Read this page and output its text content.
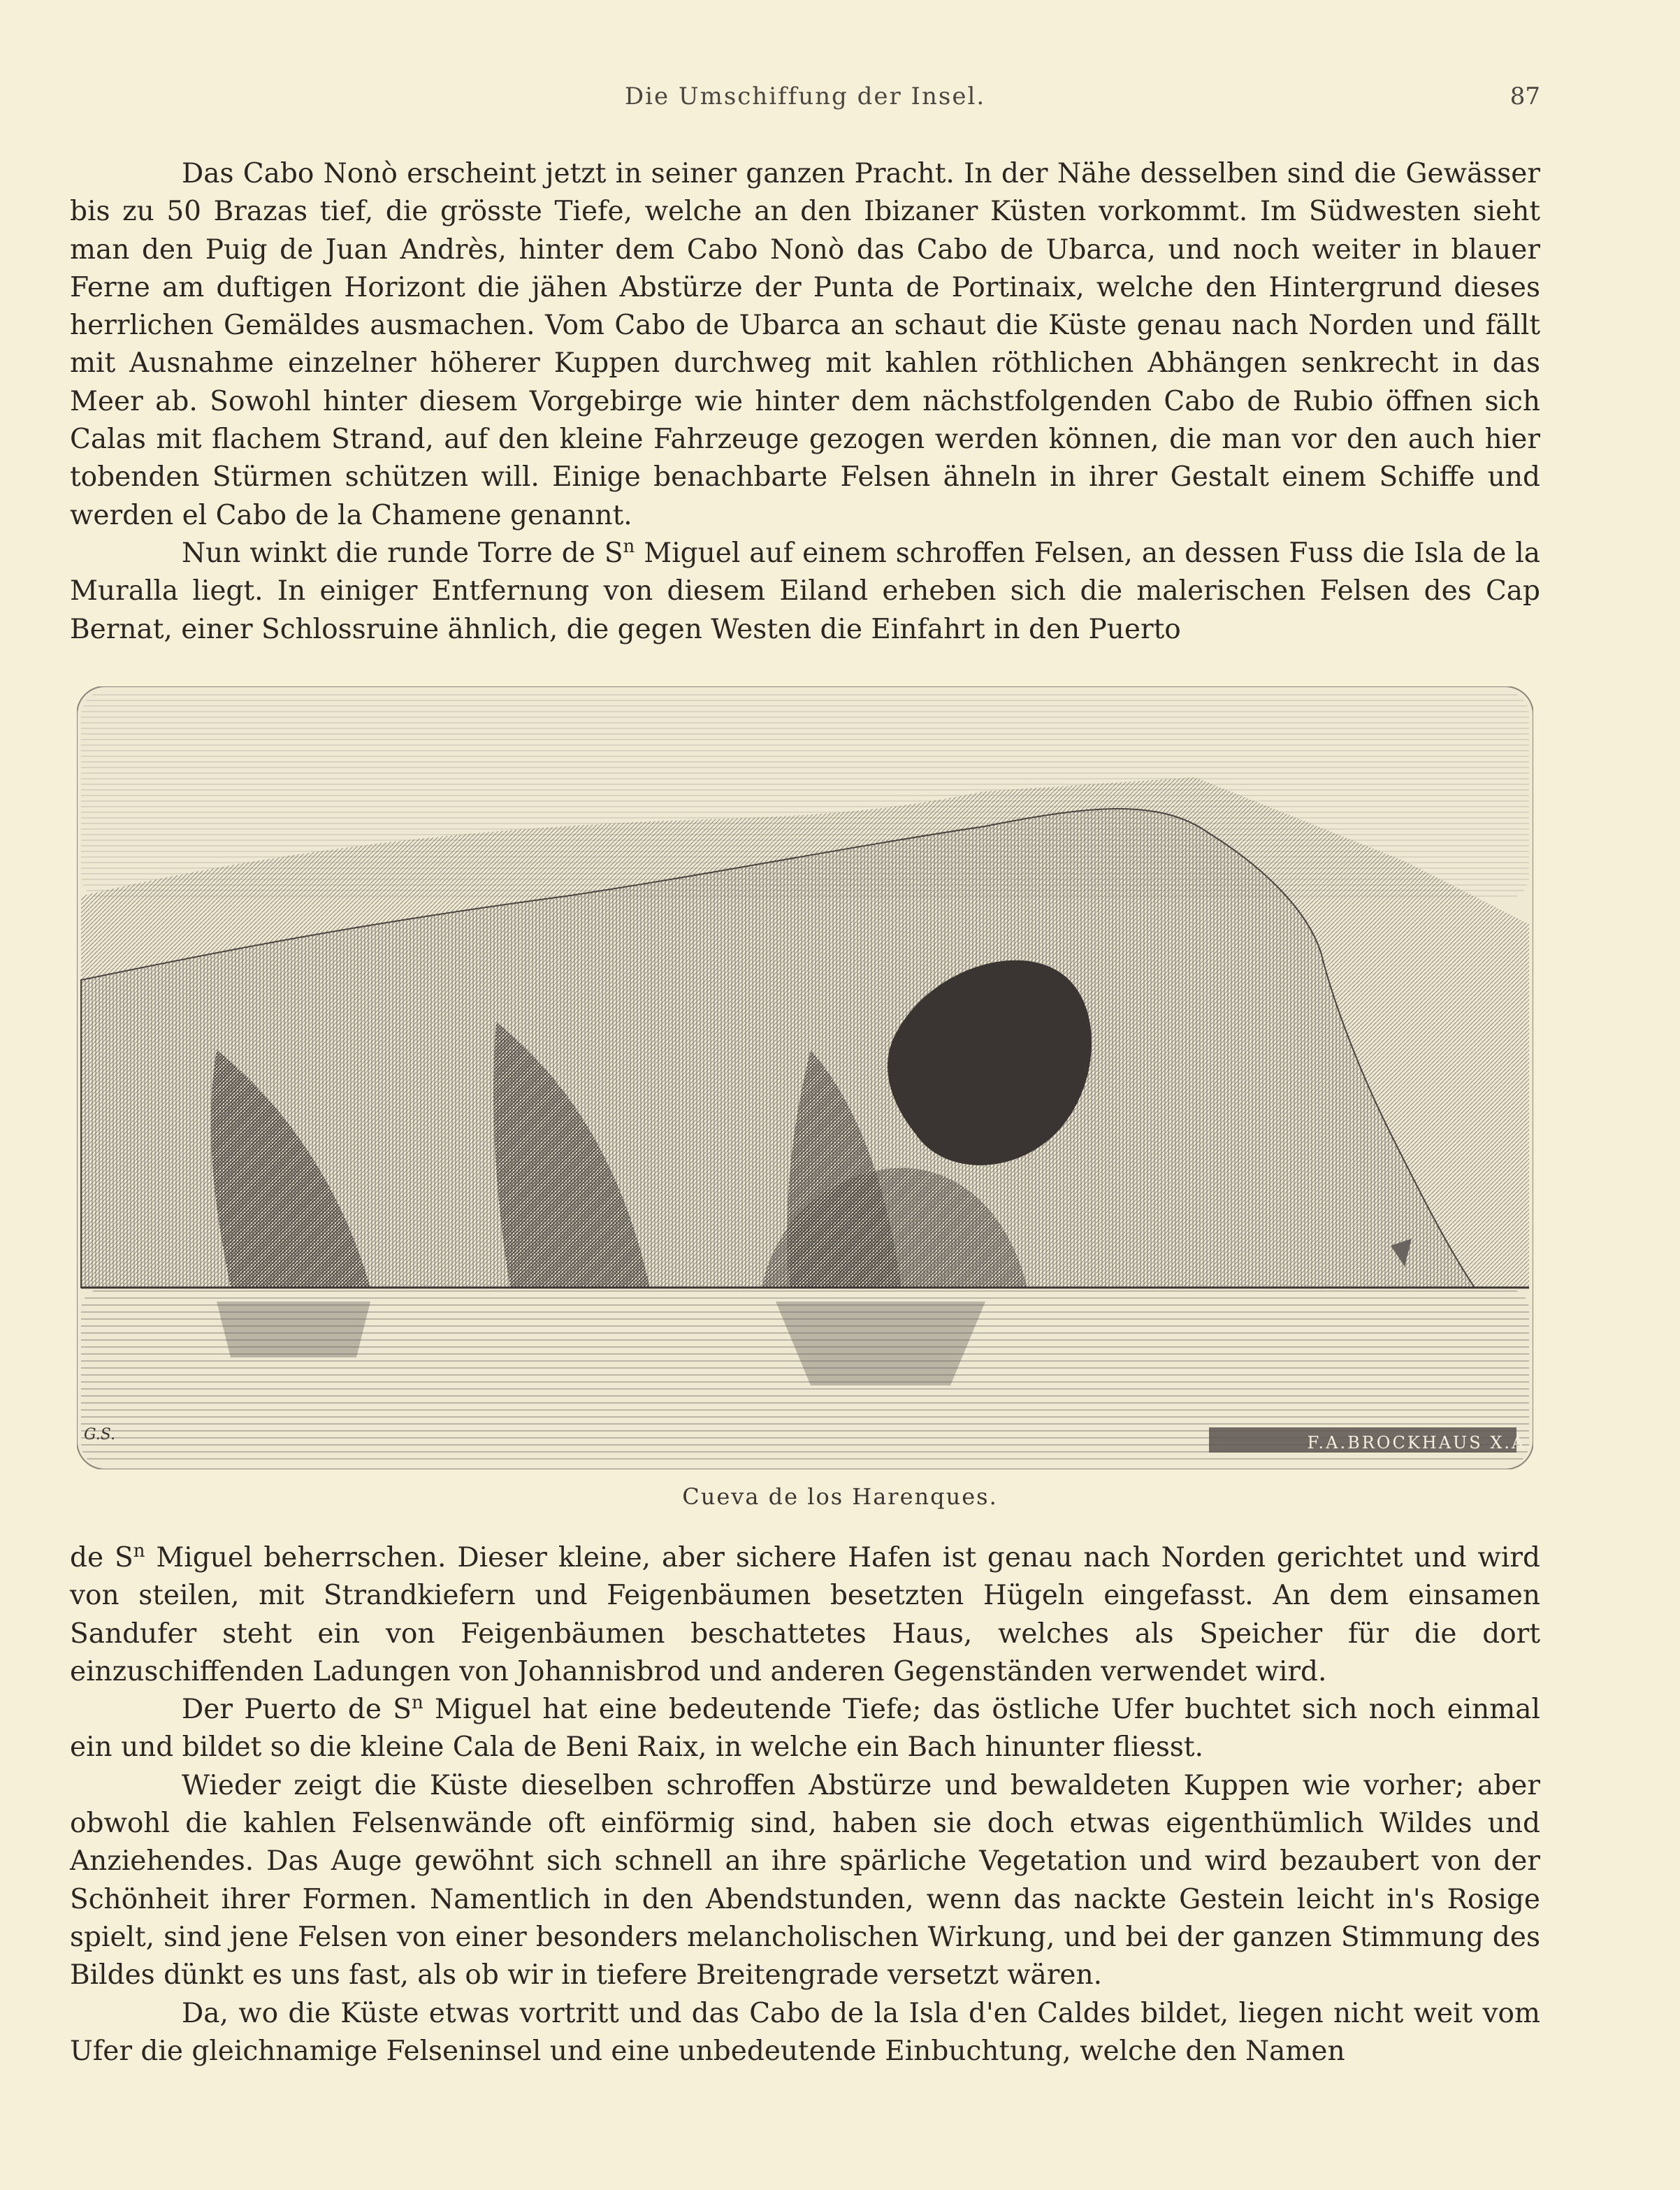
Die Umschiffung der Insel.	87

Das Cabo Nonò erscheint jetzt in seiner ganzen Pracht. In der Nähe desselben sind die Gewässer bis zu 50 Brazas tief, die grösste Tiefe, welche an den Ibizaner Küsten vorkommt. Im Südwesten sieht man den Puig de Juan Andrès, hinter dem Cabo Nonò das Cabo de Ubarca, und noch weiter in blauer Ferne am duftigen Horizont die jähen Abstürze der Punta de Portinaix, welche den Hintergrund dieses herrlichen Gemäldes ausmachen. Vom Cabo de Ubarca an schaut die Küste genau nach Norden und fällt mit Ausnahme einzelner höherer Kuppen durchweg mit kahlen röthlichen Abhängen senkrecht in das Meer ab. Sowohl hinter diesem Vorgebirge wie hinter dem nächstfolgenden Cabo de Rubio öffnen sich Calas mit flachem Strand, auf den kleine Fahrzeuge gezogen werden können, die man vor den auch hier tobenden Stürmen schützen will. Einige benachbarte Felsen ähneln in ihrer Gestalt einem Schiffe und werden el Cabo de la Chamene genannt.

Nun winkt die runde Torre de $S^n$ Miguel auf einem schroffen Felsen, an dessen Fuss die Isla de la Muralla liegt. In einiger Entfernung von diesem Eiland erheben sich die malerischen Felsen des Cap Bernat, einer Schlossruine ähnlich, die gegen Westen die Einfahrt in den Puerto

G.S.	F.A.BROCKHAUS X.A.
Cueva de los Harenques.

de $S^n$ Miguel beherrschen. Dieser kleine, aber sichere Hafen ist genau nach Norden gerichtet und wird von steilen, mit Strandkiefern und Feigenbäumen besetzten Hügeln eingefasst. An dem einsamen Sandufer steht ein von Feigenbäumen beschattetes Haus, welches als Speicher für die dort einzuschiffenden Ladungen von Johannisbrod und anderen Gegenständen verwendet wird.

Der Puerto de $S^n$ Miguel hat eine bedeutende Tiefe; das östliche Ufer buchtet sich noch einmal ein und bildet so die kleine Cala de Beni Raix, in welche ein Bach hinunter fliesst.

Wieder zeigt die Küste dieselben schroffen Abstürze und bewaldeten Kuppen wie vorher; aber obwohl die kahlen Felsenwände oft einförmig sind, haben sie doch etwas eigenthümlich Wildes und Anziehendes. Das Auge gewöhnt sich schnell an ihre spärliche Vegetation und wird bezaubert von der Schönheit ihrer Formen. Namentlich in den Abendstunden, wenn das nackte Gestein leicht in's Rosige spielt, sind jene Felsen von einer besonders melancholischen Wirkung, und bei der ganzen Stimmung des Bildes dünkt es uns fast, als ob wir in tiefere Breitengrade versetzt wären.

Da, wo die Küste etwas vortritt und das Cabo de la Isla d'en Caldes bildet, liegen nicht weit vom Ufer die gleichnamige Felseninsel und eine unbedeutende Einbuchtung, welche den Namen
